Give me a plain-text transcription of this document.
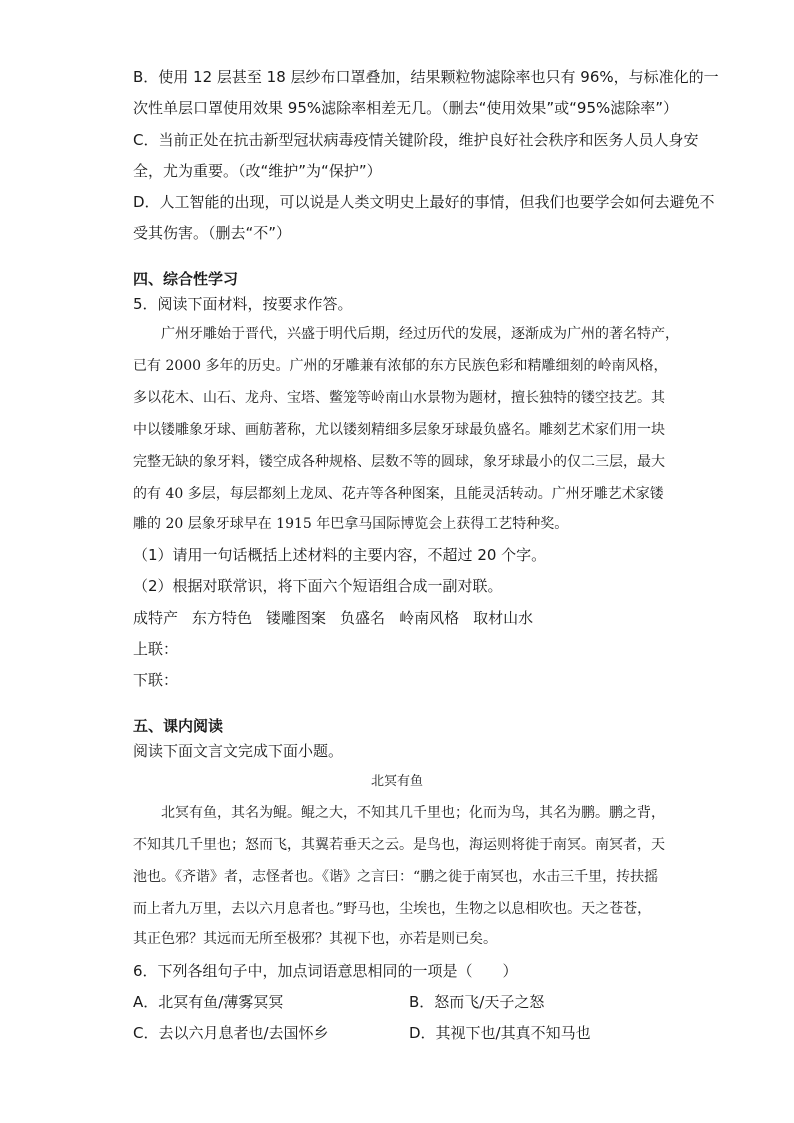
B．使用 12 层甚至 18 层纱布口罩叠加，结果颗粒物滤除率也只有 96%，与标准化的一
次性单层口罩使用效果 95%滤除率相差无几。（删去“使用效果”或“95%滤除率”）
C．当前正处在抗击新型冠状病毒疫情关键阶段，维护良好社会秩序和医务人员人身安
全，尤为重要。（改“维护”为“保护”）
D．人工智能的出现，可以说是人类文明史上最好的事情，但我们也要学会如何去避免不
受其伤害。（删去“不”）
四、综合性学习
5．阅读下面材料，按要求作答。
广州牙雕始于晋代，兴盛于明代后期，经过历代的发展，逐渐成为广州的著名特产，
已有 2000 多年的历史。广州的牙雕兼有浓郁的东方民族色彩和精雕细刻的岭南风格，
多以花木、山石、龙舟、宝塔、鳖笼等岭南山水景物为题材，擅长独特的镂空技艺。其
中以镂雕象牙球、画舫著称，尤以镂刻精细多层象牙球最负盛名。雕刻艺术家们用一块
完整无缺的象牙料，镂空成各种规格、层数不等的圆球，象牙球最小的仅二三层，最大
的有 40 多层，每层都刻上龙凤、花卉等各种图案，且能灵活转动。广州牙雕艺术家镂
雕的 20 层象牙球早在 1915 年巴拿马国际博览会上获得工艺特种奖。
（1）请用一句话概括上述材料的主要内容，不超过 20 个字。
（2）根据对联常识，将下面六个短语组合成一副对联。
成特产 东方特色 镂雕图案 负盛名 岭南风格 取材山水
上联：
下联：
五、课内阅读
阅读下面文言文完成下面小题。
北冥有鱼
北冥有鱼，其名为鲲。鲲之大，不知其几千里也；化而为鸟，其名为鹏。鹏之背，
不知其几千里也；怒而飞，其翼若垂天之云。是鸟也，海运则将徙于南冥。南冥者，天
池也。《齐谐》者，志怪者也。《谐》之言曰：“鹏之徙于南冥也，水击三千里，抟扶摇
而上者九万里，去以六月息者也。”野马也，尘埃也，生物之以息相吹也。天之苍苍，
其正色邪？其远而无所至极邪？其视下也，亦若是则已矣。
6．下列各组句子中，加点词语意思相同的一项是（　　）
A．北冥有鱼/薄雾冥冥	B．怒而飞/天子之怒
C．去以六月息者也/去国怀乡	D．其视下也/其真不知马也
